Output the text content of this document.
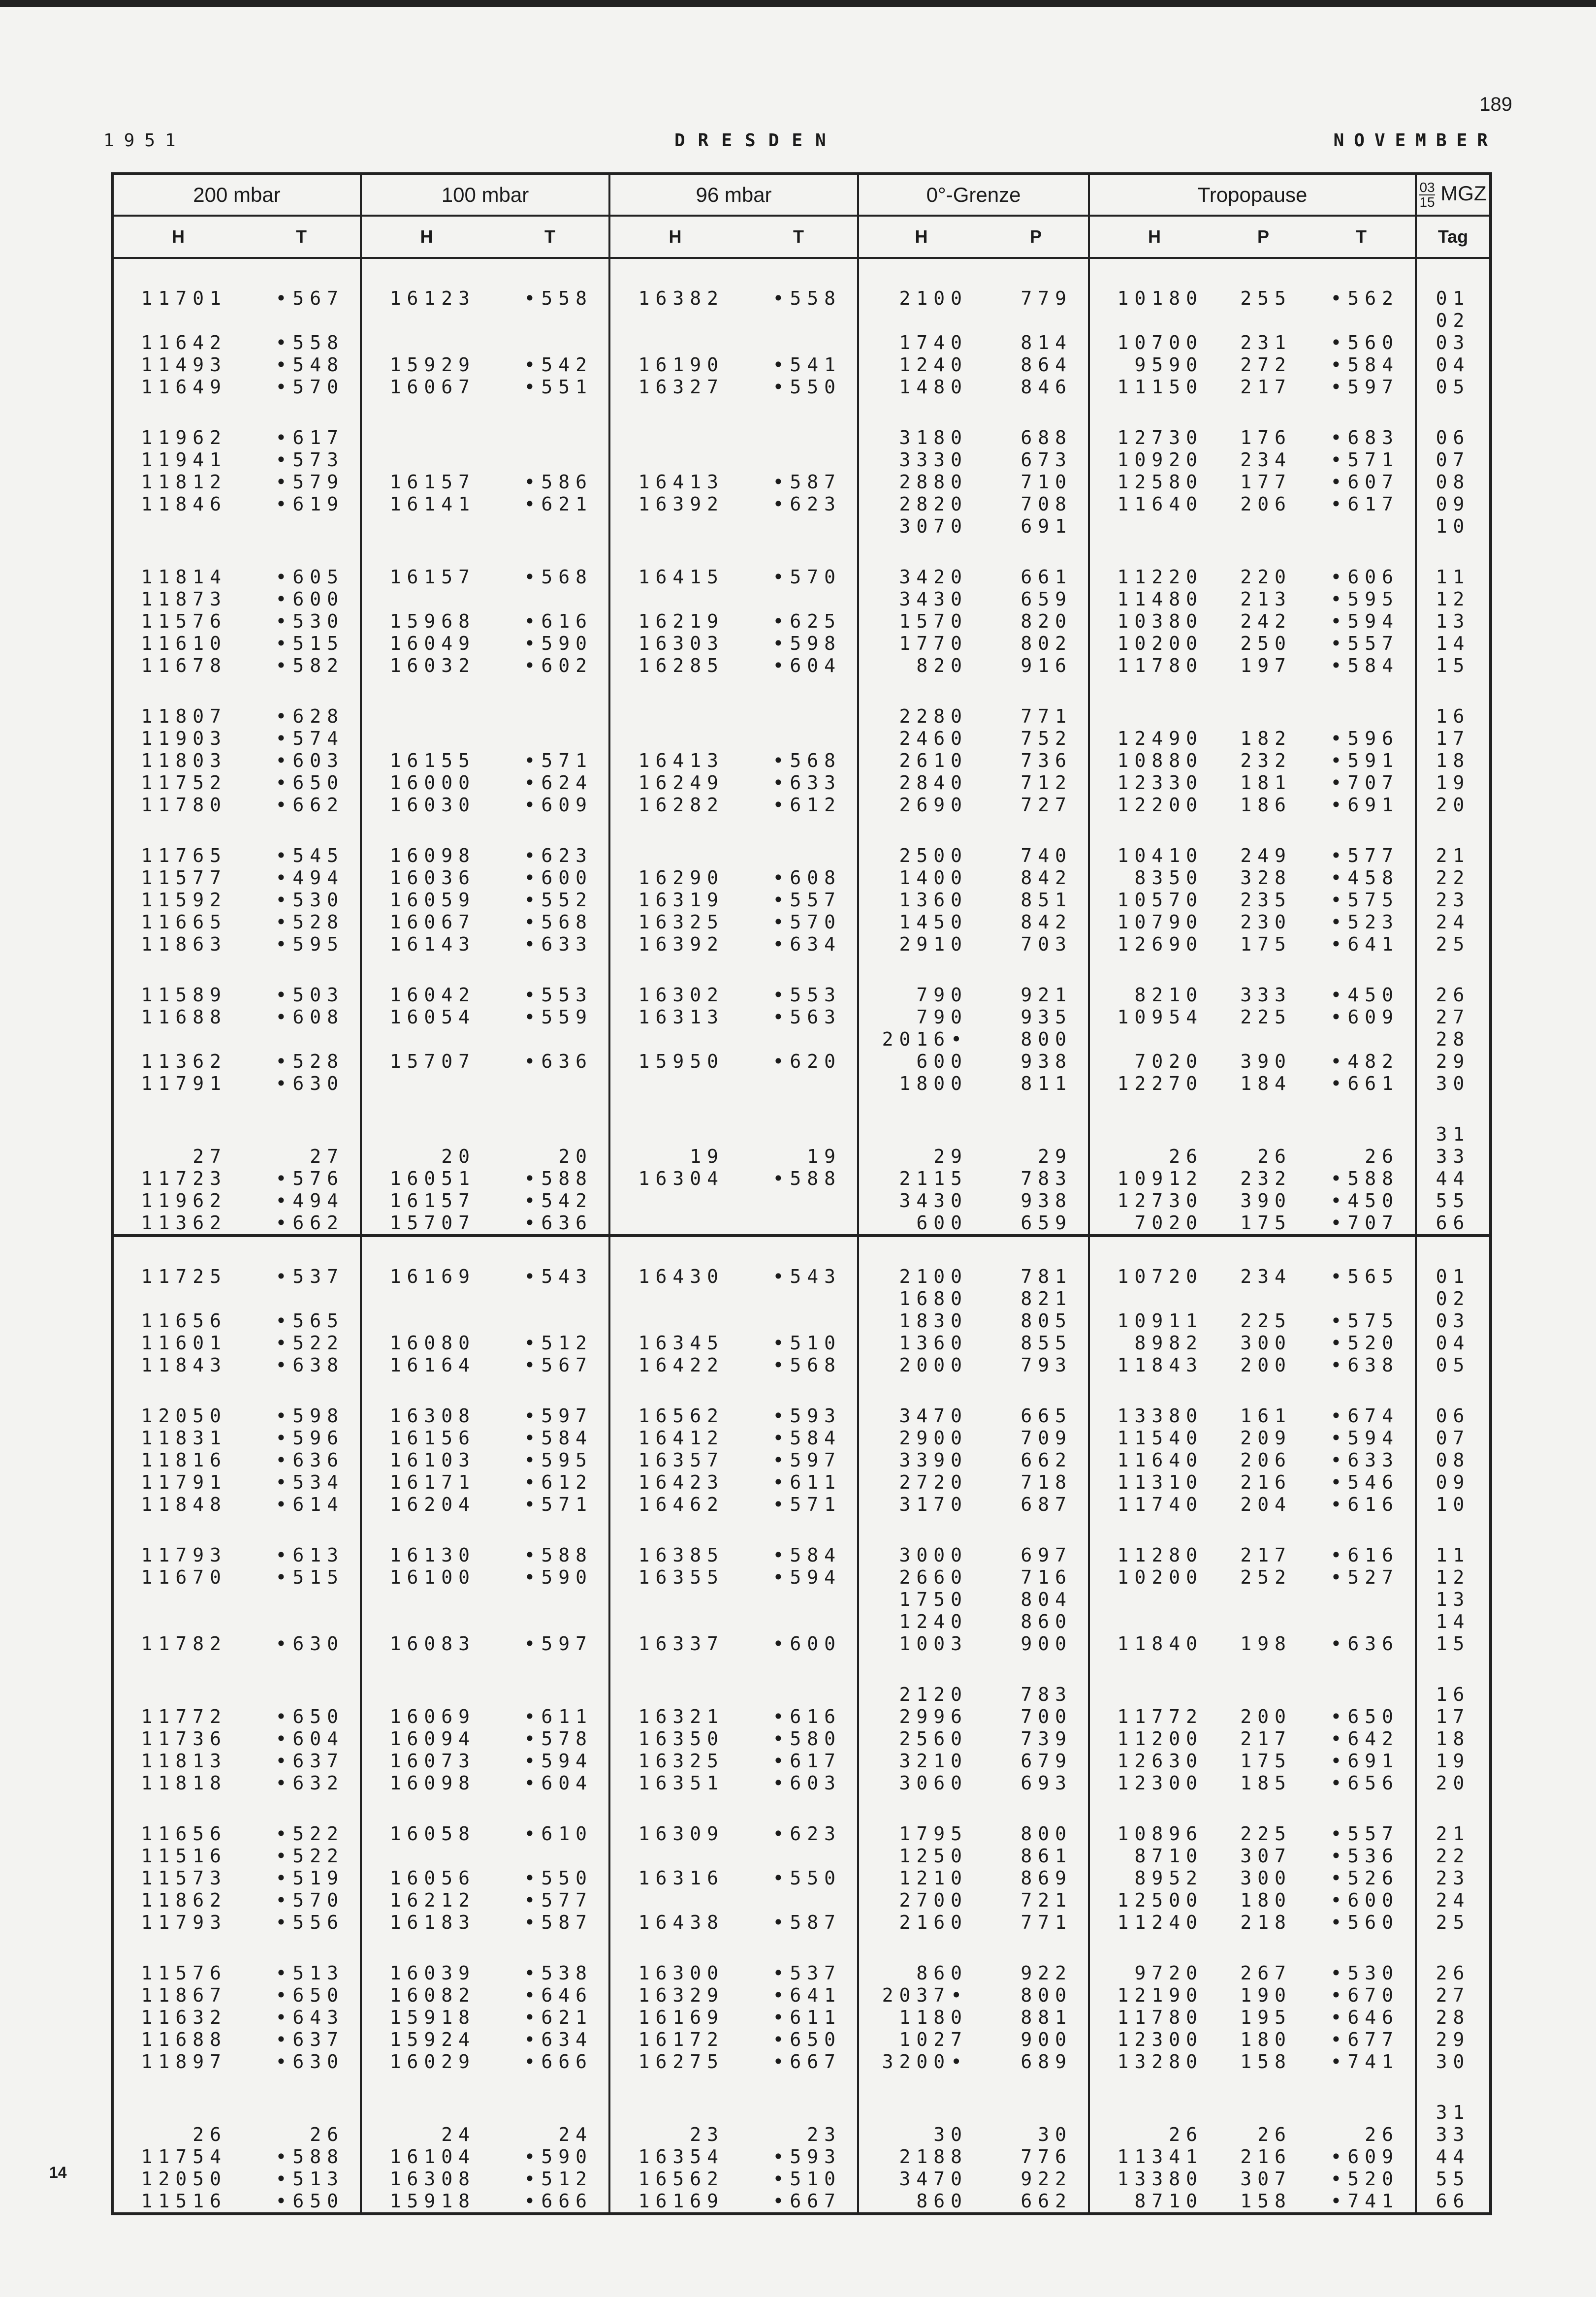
189
1951	DRESDEN	NOVEMBER
200 mbar		100 mbar		96 mbar		0°-Grenze		Tropopause			$\frac{03}{15}$ MGZ
H	T	H	T	H	T	H	P	H	P	T	Tag

11701	•567	16123	•558	16382	•558	2100	779	10180	255	•562	01
											02
11642	•558					1740	814	10700	231	•560	03
11493	•548	15929	•542	16190	•541	1240	864	9590	272	•584	04
11649	•570	16067	•551	16327	•550	1480	846	11150	217	•597	05

11962	•617					3180	688	12730	176	•683	06
11941	•573					3330	673	10920	234	•571	07
11812	•579	16157	•586	16413	•587	2880	710	12580	177	•607	08
11846	•619	16141	•621	16392	•623	2820	708	11640	206	•617	09
						3070	691				10

11814	•605	16157	•568	16415	•570	3420	661	11220	220	•606	11
11873	•600					3430	659	11480	213	•595	12
11576	•530	15968	•616	16219	•625	1570	820	10380	242	•594	13
11610	•515	16049	•590	16303	•598	1770	802	10200	250	•557	14
11678	•582	16032	•602	16285	•604	820	916	11780	197	•584	15

11807	•628					2280	771				16
11903	•574					2460	752	12490	182	•596	17
11803	•603	16155	•571	16413	•568	2610	736	10880	232	•591	18
11752	•650	16000	•624	16249	•633	2840	712	12330	181	•707	19
11780	•662	16030	•609	16282	•612	2690	727	12200	186	•691	20

11765	•545	16098	•623			2500	740	10410	249	•577	21
11577	•494	16036	•600	16290	•608	1400	842	8350	328	•458	22
11592	•530	16059	•552	16319	•557	1360	851	10570	235	•575	23
11665	•528	16067	•568	16325	•570	1450	842	10790	230	•523	24
11863	•595	16143	•633	16392	•634	2910	703	12690	175	•641	25

11589	•503	16042	•553	16302	•553	790	921	8210	333	•450	26
11688	•608	16054	•559	16313	•563	790	935	10954	225	•609	27
						2016•	800				28
11362	•528	15707	•636	15950	•620	600	938	7020	390	•482	29
11791	•630					1800	811	12270	184	•661	30

											31
27	27	20	20	19	19	29	29	26	26	26	33
11723	•576	16051	•588	16304	•588	2115	783	10912	232	•588	44
11962	•494	16157	•542			3430	938	12730	390	•450	55
11362	•662	15707	•636			600	659	7020	175	•707	66

11725	•537	16169	•543	16430	•543	2100	781	10720	234	•565	01
						1680	821				02
11656	•565					1830	805	10911	225	•575	03
11601	•522	16080	•512	16345	•510	1360	855	8982	300	•520	04
11843	•638	16164	•567	16422	•568	2000	793	11843	200	•638	05

12050	•598	16308	•597	16562	•593	3470	665	13380	161	•674	06
11831	•596	16156	•584	16412	•584	2900	709	11540	209	•594	07
11816	•636	16103	•595	16357	•597	3390	662	11640	206	•633	08
11791	•534	16171	•612	16423	•611	2720	718	11310	216	•546	09
11848	•614	16204	•571	16462	•571	3170	687	11740	204	•616	10

11793	•613	16130	•588	16385	•584	3000	697	11280	217	•616	11
11670	•515	16100	•590	16355	•594	2660	716	10200	252	•527	12
						1750	804				13
						1240	860				14
11782	•630	16083	•597	16337	•600	1003	900	11840	198	•636	15

						2120	783				16
11772	•650	16069	•611	16321	•616	2996	700	11772	200	•650	17
11736	•604	16094	•578	16350	•580	2560	739	11200	217	•642	18
11813	•637	16073	•594	16325	•617	3210	679	12630	175	•691	19
11818	•632	16098	•604	16351	•603	3060	693	12300	185	•656	20

11656	•522	16058	•610	16309	•623	1795	800	10896	225	•557	21
11516	•522					1250	861	8710	307	•536	22
11573	•519	16056	•550	16316	•550	1210	869	8952	300	•526	23
11862	•570	16212	•577			2700	721	12500	180	•600	24
11793	•556	16183	•587	16438	•587	2160	771	11240	218	•560	25

11576	•513	16039	•538	16300	•537	860	922	9720	267	•530	26
11867	•650	16082	•646	16329	•641	2037•	800	12190	190	•670	27
11632	•643	15918	•621	16169	•611	1180	881	11780	195	•646	28
11688	•637	15924	•634	16172	•650	1027	900	12300	180	•677	29
11897	•630	16029	•666	16275	•667	3200•	689	13280	158	•741	30

											31
26	26	24	24	23	23	30	30	26	26	26	33
11754	•588	16104	•590	16354	•593	2188	776	11341	216	•609	44
12050	•513	16308	•512	16562	•510	3470	922	13380	307	•520	55
11516	•650	15918	•666	16169	•667	860	662	8710	158	•741	66
14
